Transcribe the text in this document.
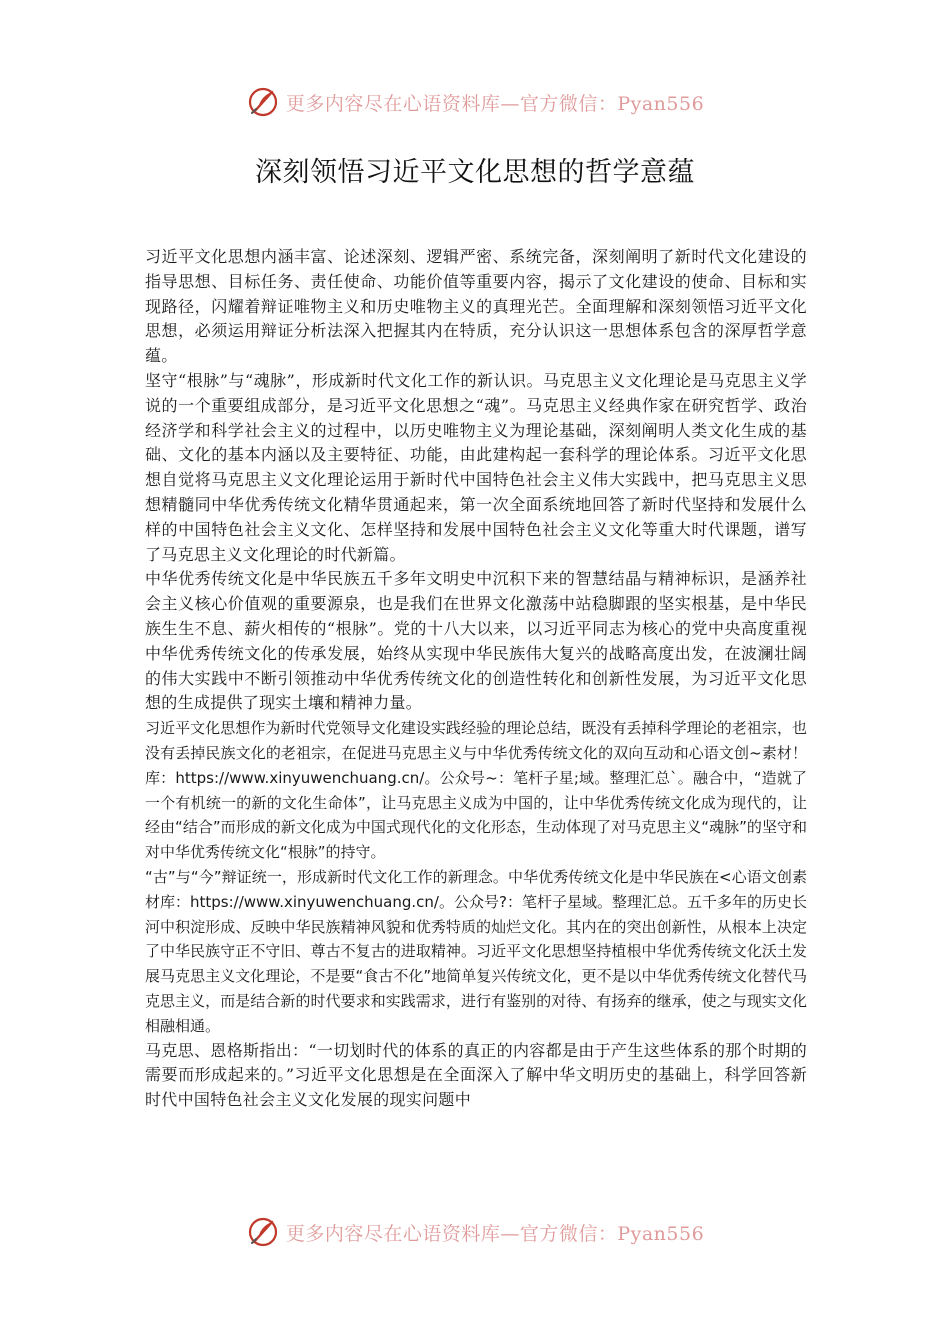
更多内容尽在心语资料库—官方微信：Pyan556
深刻领悟习近平文化思想的哲学意蕴

习近平文化思想内涵丰富、论述深刻、逻辑严密、系统完备，深刻阐明了新时代文化建设的指导思想、目标任务、责任使命、功能价值等重要内容，揭示了文化建设的使命、目标和实现路径，闪耀着辩证唯物主义和历史唯物主义的真理光芒。全面理解和深刻领悟习近平文化思想，必须运用辩证分析法深入把握其内在特质，充分认识这一思想体系包含的深厚哲学意蕴。

坚守“根脉”与“魂脉”，形成新时代文化工作的新认识。马克思主义文化理论是马克思主义学说的一个重要组成部分，是习近平文化思想之“魂”。马克思主义经典作家在研究哲学、政治经济学和科学社会主义的过程中，以历史唯物主义为理论基础，深刻阐明人类文化生成的基础、文化的基本内涵以及主要特征、功能，由此建构起一套科学的理论体系。习近平文化思想自觉将马克思主义文化理论运用于新时代中国特色社会主义伟大实践中，把马克思主义思想精髓同中华优秀传统文化精华贯通起来，第一次全面系统地回答了新时代坚持和发展什么样的中国特色社会主义文化、怎样坚持和发展中国特色社会主义文化等重大时代课题，谱写了马克思主义文化理论的时代新篇。

中华优秀传统文化是中华民族五千多年文明史中沉积下来的智慧结晶与精神标识，是涵养社会主义核心价值观的重要源泉，也是我们在世界文化激荡中站稳脚跟的坚实根基，是中华民族生生不息、薪火相传的“根脉”。党的十八大以来，以习近平同志为核心的党中央高度重视中华优秀传统文化的传承发展，始终从实现中华民族伟大复兴的战略高度出发，在波澜壮阔的伟大实践中不断引领推动中华优秀传统文化的创造性转化和创新性发展，为习近平文化思想的生成提供了现实土壤和精神力量。

习近平文化思想作为新时代党领导文化建设实践经验的理论总结，既没有丢掉科学理论的老祖宗，也没有丢掉民族文化的老祖宗，在促进马克思主义与中华优秀传统文化的双向互动和心语文创~素材！库：https://www.xinyuwenchuang.cn/。公众号~：笔杆子星;域。整理汇总`。融合中，“造就了一个有机统一的新的文化生命体”，让马克思主义成为中国的，让中华优秀传统文化成为现代的，让经由“结合”而形成的新文化成为中国式现代化的文化形态，生动体现了对马克思主义“魂脉”的坚守和对中华优秀传统文化“根脉”的持守。

“古”与“今”辩证统一，形成新时代文化工作的新理念。中华优秀传统文化是中华民族在<心语文创素材库：https://www.xinyuwenchuang.cn/。公众号?：笔杆子星域。整理汇总。五千多年的历史长河中积淀形成、反映中华民族精神风貌和优秀特质的灿烂文化。其内在的突出创新性，从根本上决定了中华民族守正不守旧、尊古不复古的进取精神。习近平文化思想坚持植根中华优秀传统文化沃土发展马克思主义文化理论，不是要“食古不化”地简单复兴传统文化，更不是以中华优秀传统文化替代马克思主义，而是结合新的时代要求和实践需求，进行有鉴别的对待、有扬弃的继承，使之与现实文化相融相通。

马克思、恩格斯指出：“一切划时代的体系的真正的内容都是由于产生这些体系的那个时期的需要而形成起来的。”习近平文化思想是在全面深入了解中华文明历史的基础上，科学回答新时代中国特色社会主义文化发展的现实问题中

更多内容尽在心语资料库—官方微信：Pyan556
